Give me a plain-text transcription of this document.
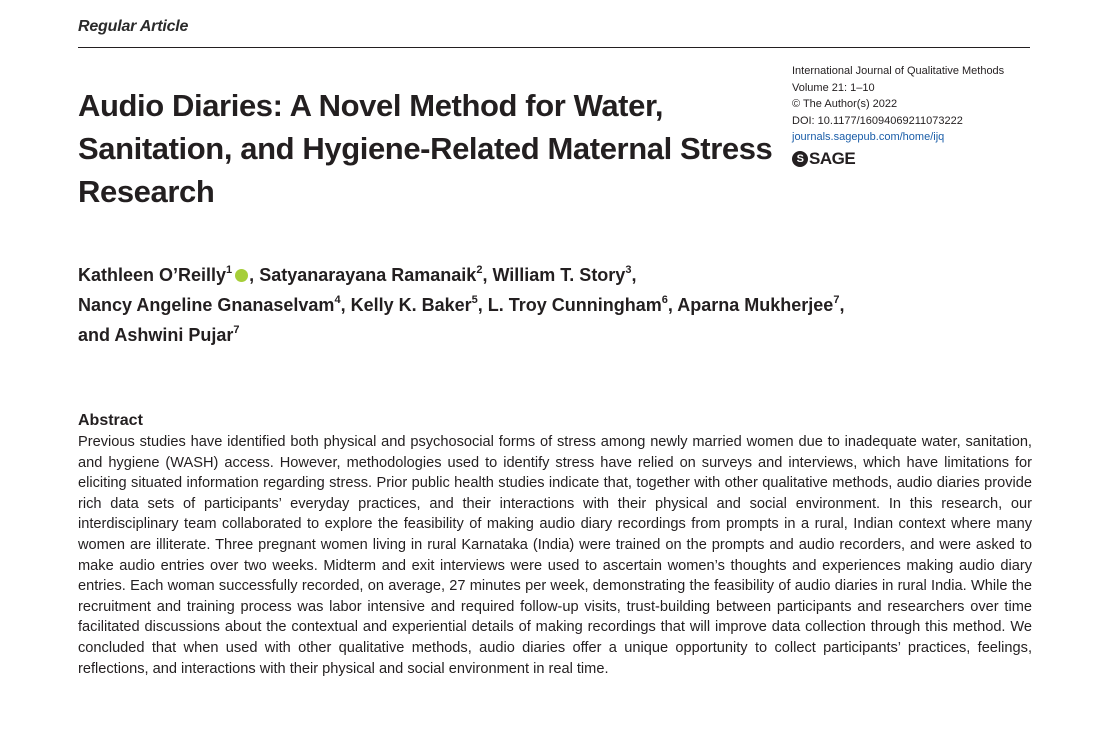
Regular Article
Audio Diaries: A Novel Method for Water, Sanitation, and Hygiene-Related Maternal Stress Research
International Journal of Qualitative Methods
Volume 21: 1–10
© The Author(s) 2022
DOI: 10.1177/16094069211073222
journals.sagepub.com/home/ijq
S SAGE

Kathleen O’Reilly$^1$ , Satyanarayana Ramanaik$^2$, William T. Story$^3$,
Nancy Angeline Gnanaselvam$^4$, Kelly K. Baker$^5$, L. Troy Cunningham$^6$, Aparna Mukherjee$^7$,
and Ashwini Pujar$^7$

Abstract

Previous studies have identified both physical and psychosocial forms of stress among newly married women due to inadequate water, sanitation, and hygiene (WASH) access. However, methodologies used to identify stress have relied on surveys and interviews, which have limitations for eliciting situated information regarding stress. Prior public health studies indicate that, together with other qualitative methods, audio diaries provide rich data sets of participants’ everyday practices, and their interactions with their physical and social environment. In this research, our interdisciplinary team collaborated to explore the feasibility of making audio diary recordings from prompts in a rural, Indian context where many women are illiterate. Three pregnant women living in rural Karnataka (India) were trained on the prompts and audio recorders, and were asked to make audio entries over two weeks. Midterm and exit interviews were used to ascertain women’s thoughts and experiences making audio diary entries. Each woman successfully recorded, on average, 27 minutes per week, demonstrating the feasibility of audio diaries in rural India. While the recruitment and training process was labor intensive and required follow-up visits, trust-building between participants and researchers over time facilitated discussions about the contextual and experiential details of making recordings that will improve data collection through this method. We concluded that when used with other qualitative methods, audio diaries offer a unique opportunity to collect participants’ practices, feelings, reflections, and interactions with their physical and social environment in real time.
